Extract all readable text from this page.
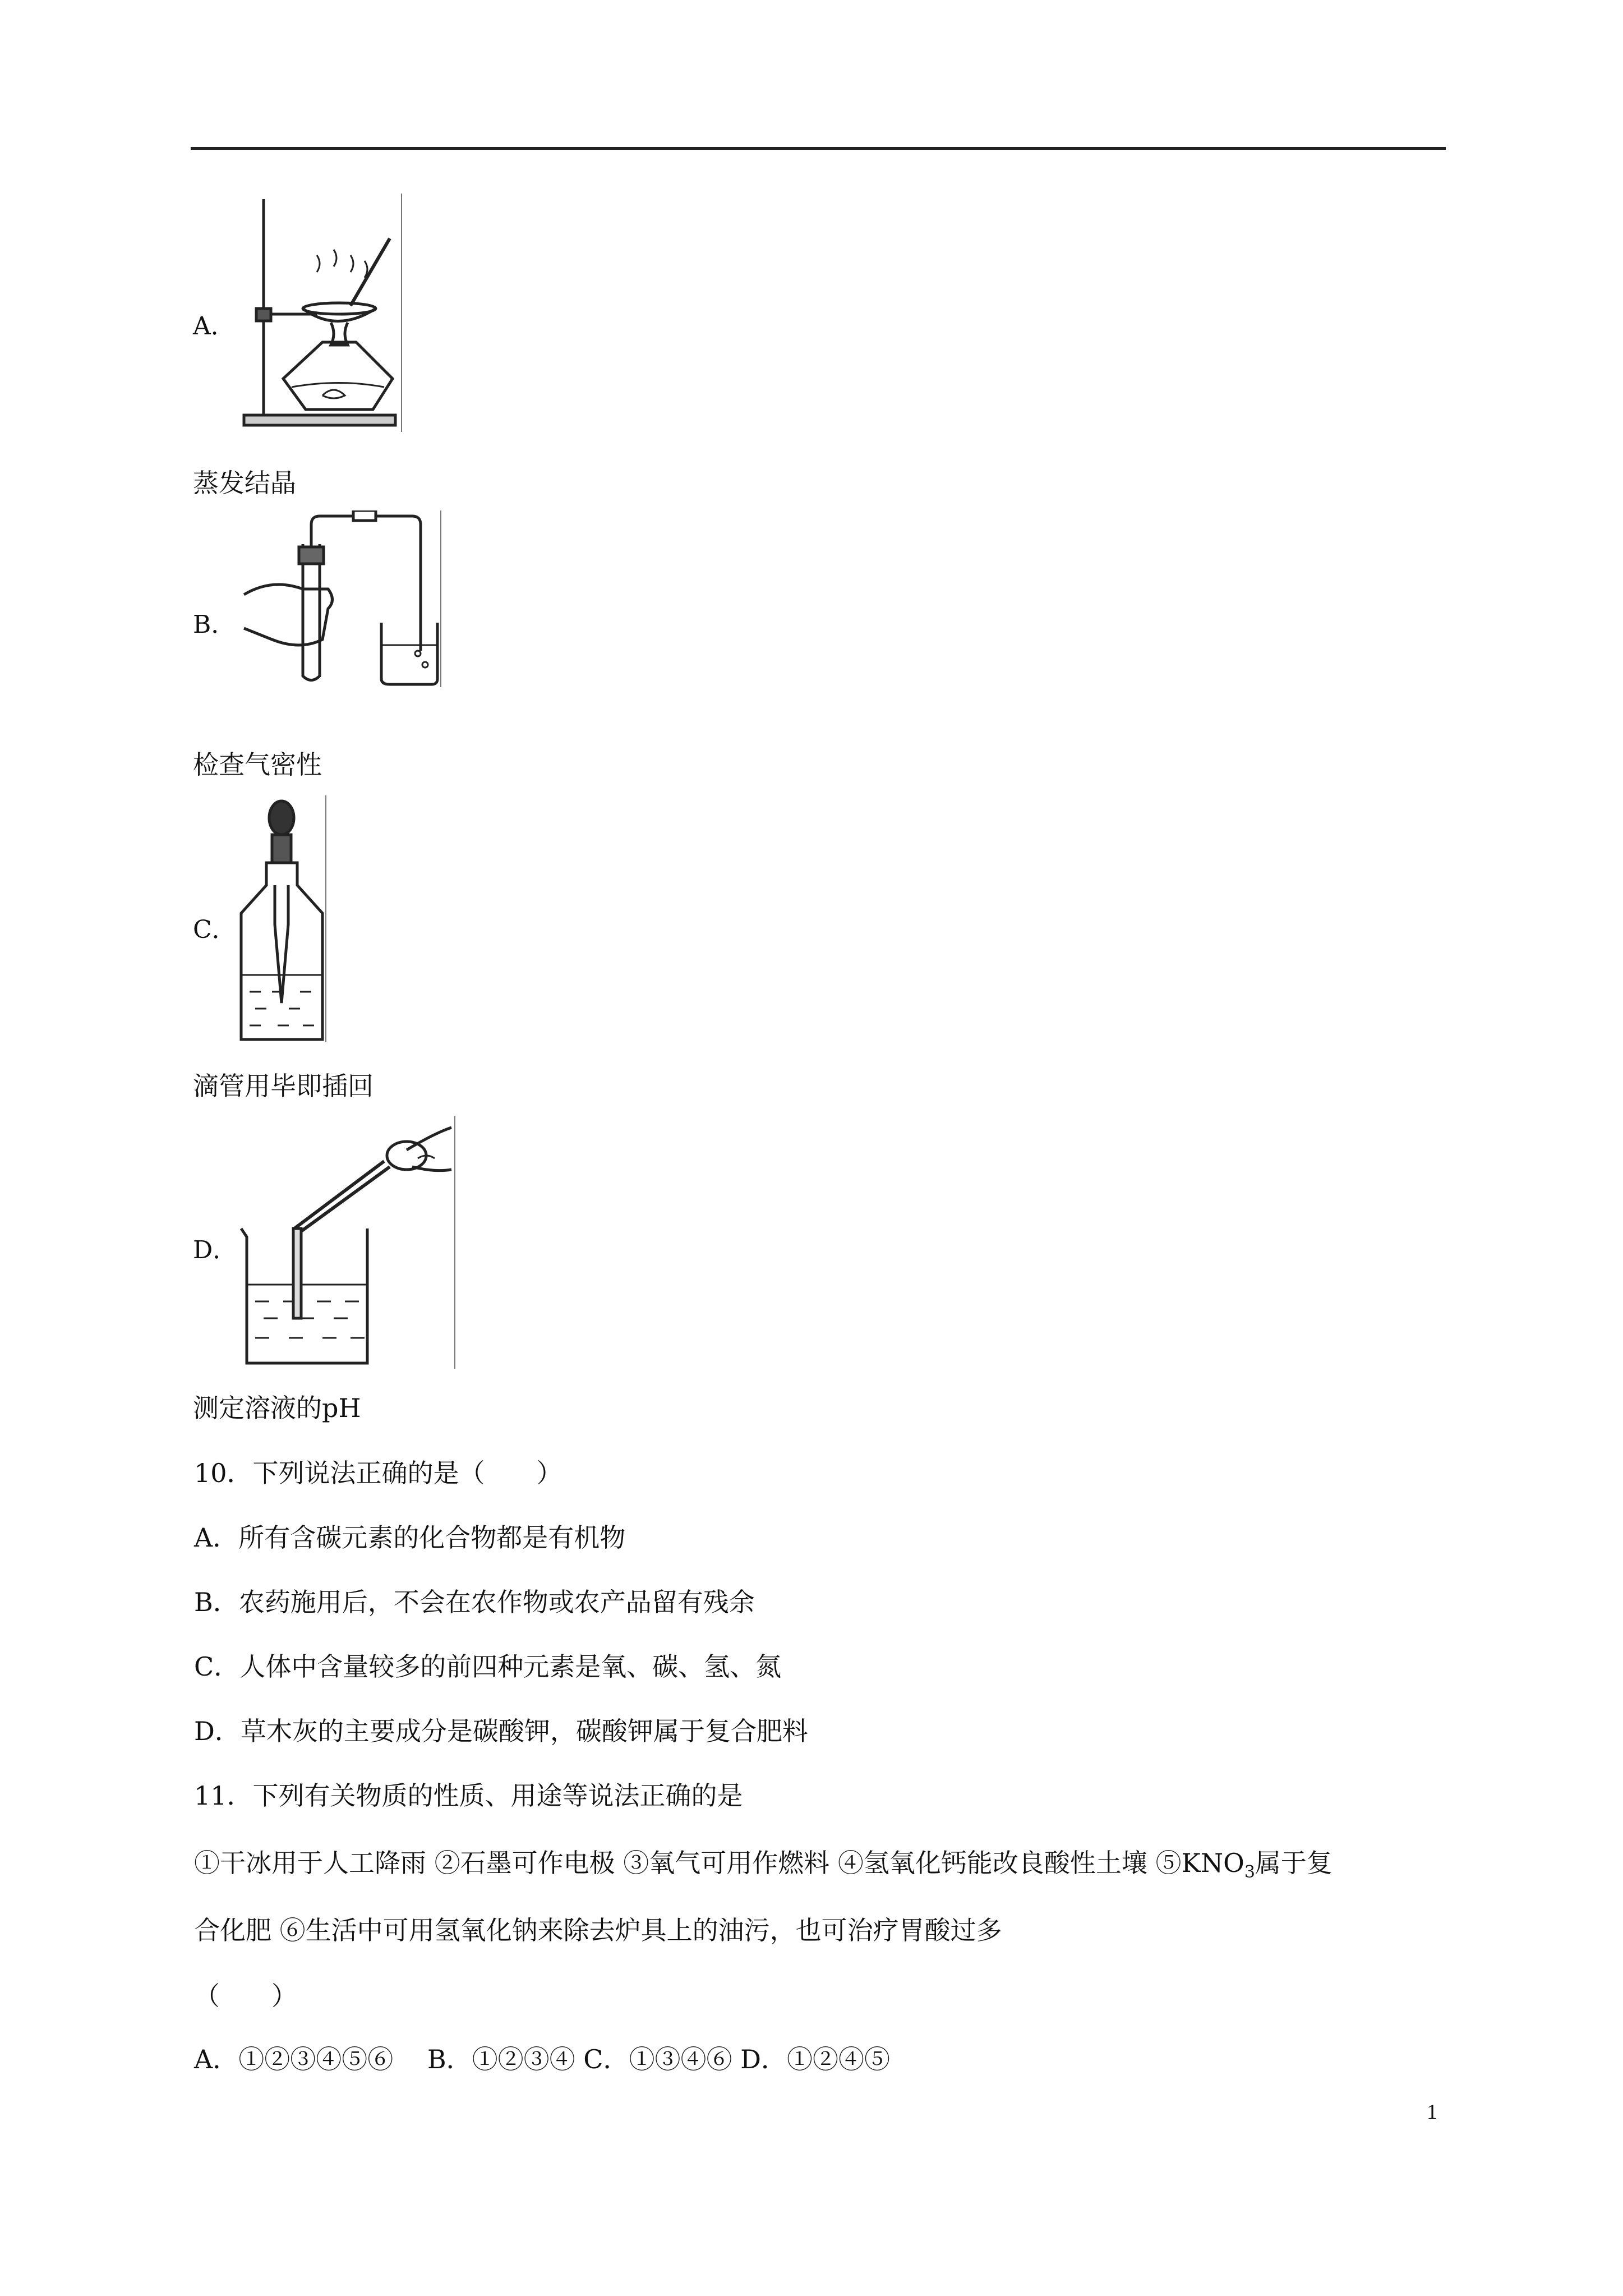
A．
蒸发结晶
B．
检查气密性
C．
滴管用毕即插回
D．
测定溶液的pH
10．下列说法正确的是（　　）
A．所有含碳元素的化合物都是有机物
B．农药施用后，不会在农作物或农产品留有残余
C．人体中含量较多的前四种元素是氧、碳、氢、氮
D．草木灰的主要成分是碳酸钾，碳酸钾属于复合肥料
11．下列有关物质的性质、用途等说法正确的是
①干冰用于人工降雨 ②石墨可作电极 ③氧气可用作燃料 ④氢氧化钙能改良酸性土壤 $⑤KNO_3$属于复
合化肥 ⑥生活中可用氢氧化钠来除去炉具上的油污，也可治疗胃酸过多
（　　）
A．①②③④⑤⑥　 B．①②③④ C．①③④⑥ D．①②④⑤
1
